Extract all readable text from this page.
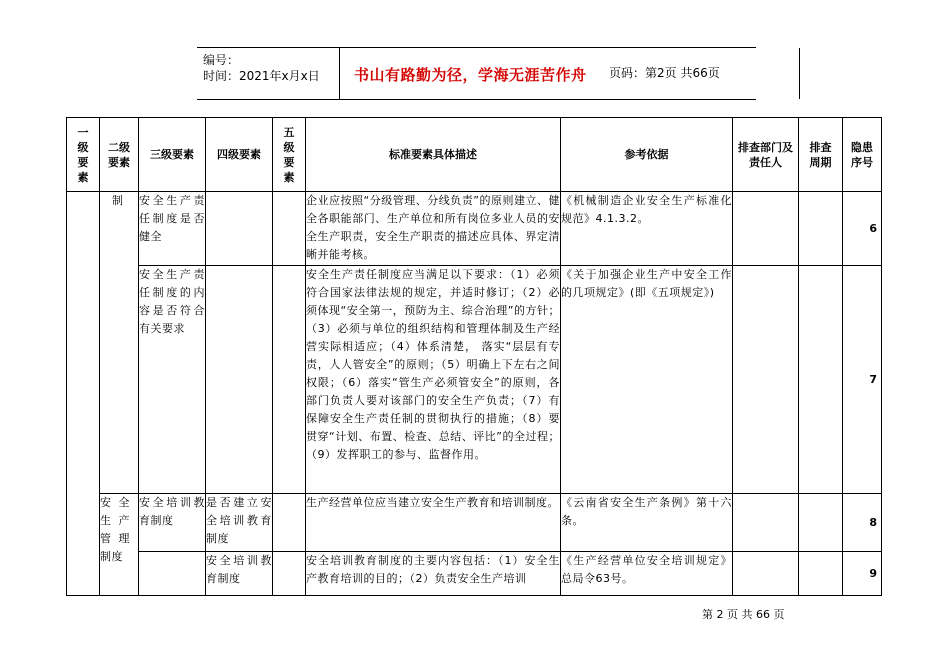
编号：
时间：2021年x月x日 书山有路勤为径，学海无涯苦作舟 页码：第2页 共66页
一级要素	二级要素	三级要素	四级要素	五级要素	标准要素具体描述	参考依据	排查部门及责任人	排查周期	隐患序号

	制	安全生产责任制度是否健全			企业应按照“分级管理、分线负责”的原则建立、健全各职能部门、生产单位和所有岗位多业人员的安全生产职责，安全生产职责的描述应具体、界定清晰并能考核。	《机械制造企业安全生产标准化规范》4.1.3.2。			6
		安全生产责任制度的内容是否符合有关要求			安全生产责任制度应当满足以下要求：（1）必须符合国家法律法规的规定，并适时修订；（2）必须体现“安全第一，预防为主、综合治理”的方针；（3）必须与单位的组织结构和管理体制及生产经营实际相适应；（4）体系清楚， 落实“层层有专责，人人管安全”的原则；（5）明确上下左右之间权限；（6）落实“管生产必须管安全”的原则，各部门负责人要对该部门的安全生产负责；（7）有保障安全生产责任制的贯彻执行的措施；（8）要贯穿“计划、布置、检查、总结、评比”的全过程；（9）发挥职工的参与、监督作用。	《关于加强企业生产中安全工作的几项规定》(即《五项规定》)			7
	安全生产管理制度	安全培训教育制度	是否建立安全培训教育制度		生产经营单位应当建立安全生产教育和培训制度。	《云南省安全生产条例》第十六条。			8

			安全培训教育制度		安全培训教育制度的主要内容包括：（1）安全生产教育培训的目的；（2）负责安全生产培训	《生产经营单位安全培训规定》总局令63号。			9
第 2 页 共 66 页
